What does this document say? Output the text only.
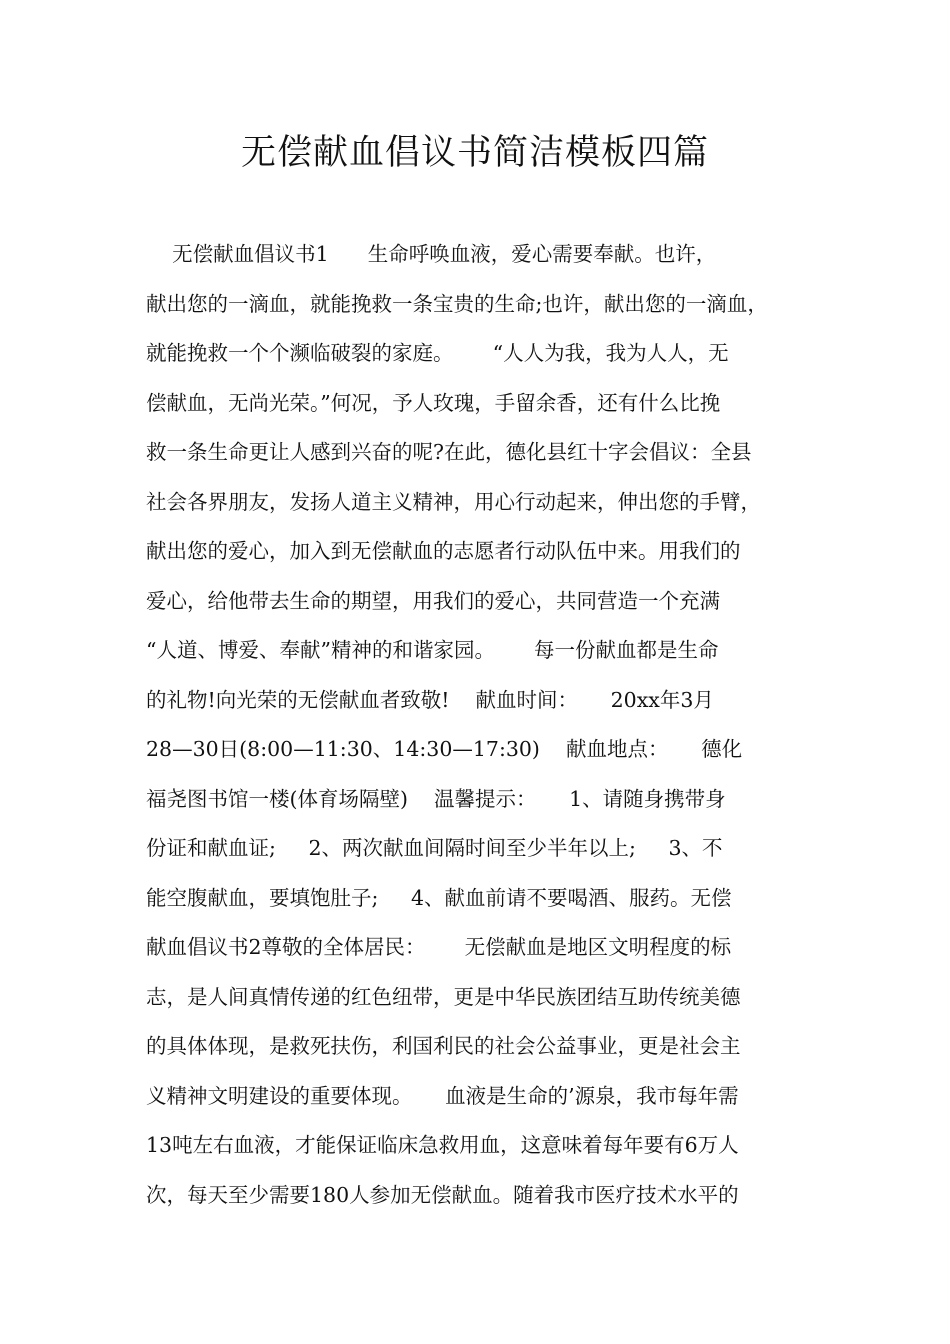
无偿献血倡议书简洁模板四篇
无偿献血倡议书1      生命呼唤血液，爱心需要奉献。也许，
献出您的一滴血，就能挽救一条宝贵的生命;也许，献出您的一滴血，
就能挽救一个个濒临破裂的家庭。      “人人为我，我为人人，无
偿献血，无尚光荣。”何况，予人玫瑰，手留余香，还有什么比挽
救一条生命更让人感到兴奋的呢?在此，德化县红十字会倡议：全县
社会各界朋友，发扬人道主义精神，用心行动起来，伸出您的手臂，
献出您的爱心，加入到无偿献血的志愿者行动队伍中来。用我们的
爱心，给他带去生命的期望，用我们的爱心，共同营造一个充满
“人道、博爱、奉献”精神的和谐家园。      每一份献血都是生命
的礼物!向光荣的无偿献血者致敬!    献血时间：     20xx年3月
28—30日(8:00—11:30、14:30—17:30)    献血地点：     德化
福尧图书馆一楼(体育场隔壁)    温馨提示：     1、请随身携带身
份证和献血证;     2、两次献血间隔时间至少半年以上;     3、不
能空腹献血，要填饱肚子;     4、献血前请不要喝酒、服药。无偿
献血倡议书2尊敬的全体居民：      无偿献血是地区文明程度的标
志，是人间真情传递的红色纽带，更是中华民族团结互助传统美德
的具体体现，是救死扶伤，利国利民的社会公益事业，更是社会主
义精神文明建设的重要体现。     血液是生命的’源泉，我市每年需
13吨左右血液，才能保证临床急救用血，这意味着每年要有6万人
次，每天至少需要180人参加无偿献血。随着我市医疗技术水平的
